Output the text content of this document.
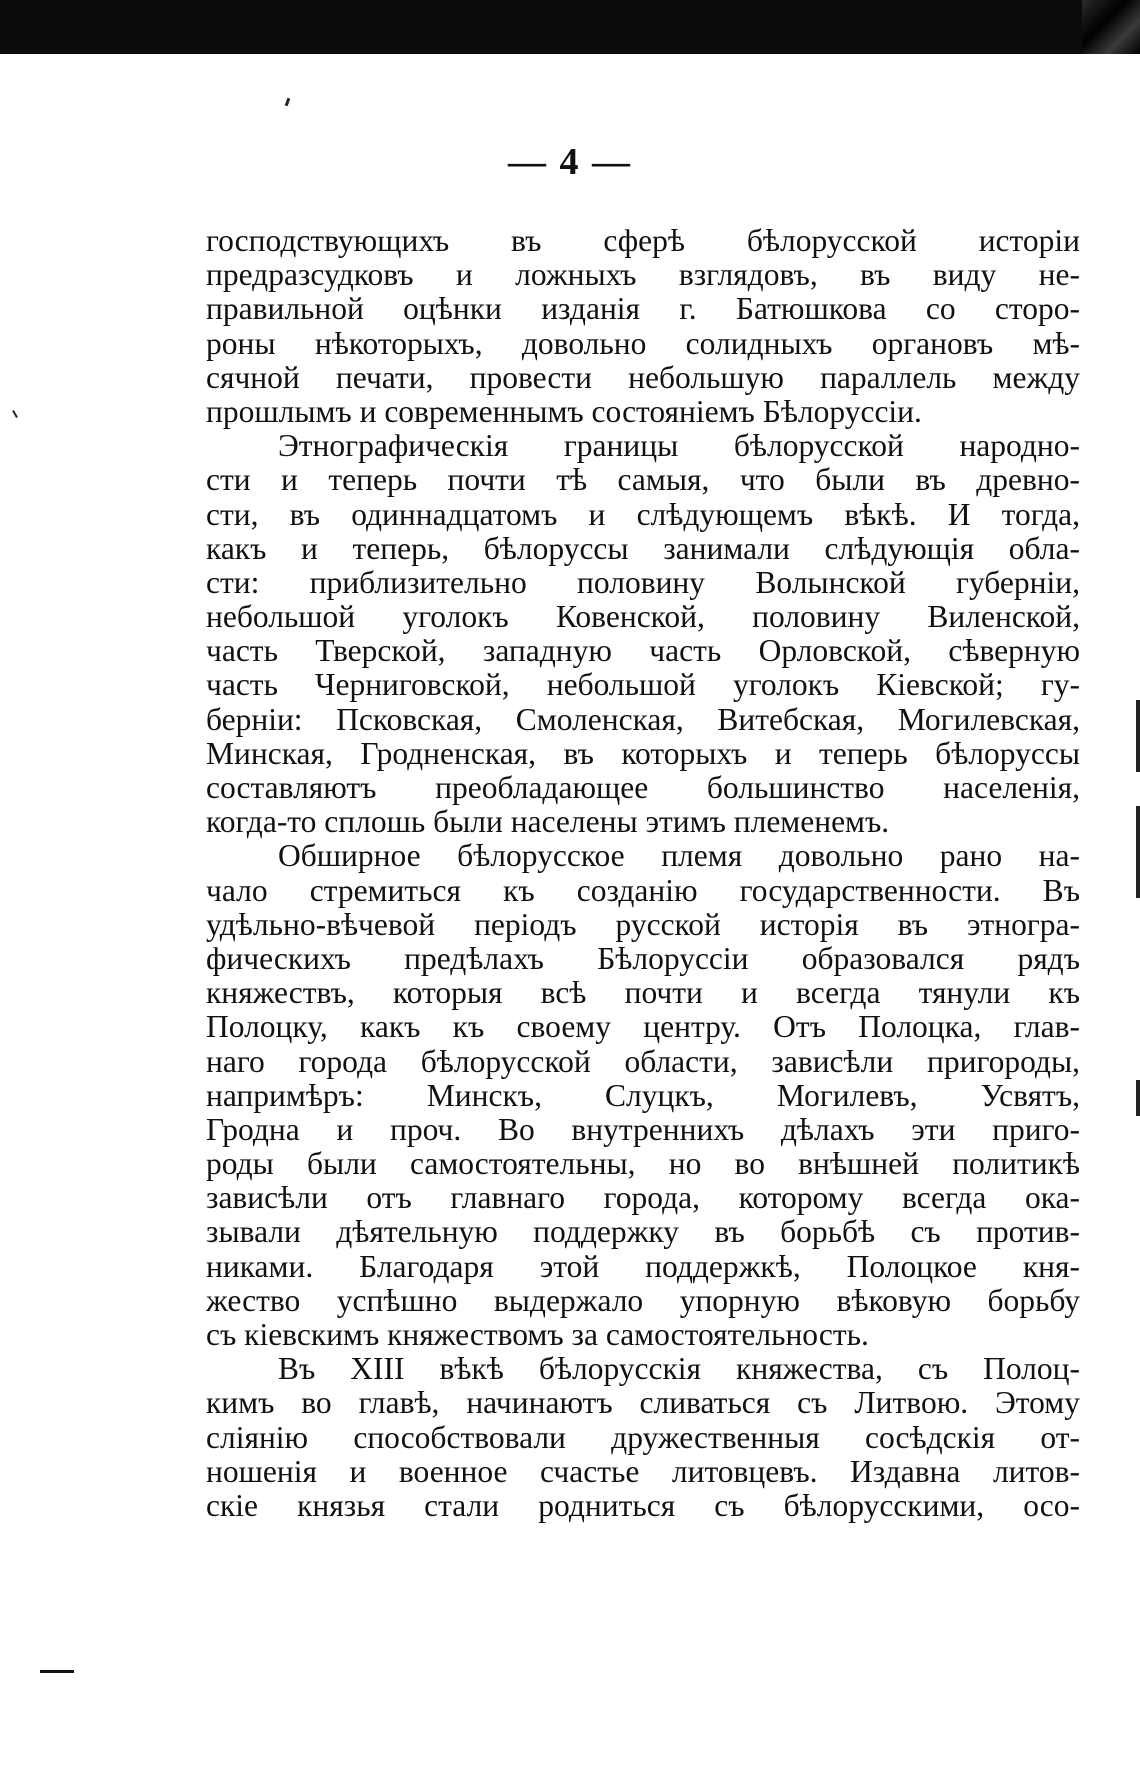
— 4 —
господствующихъ въ сферѣ бѣлорусской исторіи
предразсудковъ и ложныхъ взглядовъ, въ виду не-
правильной оцѣнки изданія г. Батюшкова со сторо-
роны нѣкоторыхъ, довольно солидныхъ органовъ мѣ-
сячной печати, провести небольшую параллель между
прошлымъ и современнымъ состояніемъ Бѣлоруссіи.
Этнографическія границы бѣлорусской народно-
сти и теперь почти тѣ самыя, что были въ древно-
сти, въ одиннадцатомъ и слѣдующемъ вѣкѣ. И тогда,
какъ и теперь, бѣлоруссы занимали слѣдующія обла-
сти: приблизительно половину Волынской губерніи,
небольшой уголокъ Ковенской, половину Виленской,
часть Тверской, западную часть Орловской, сѣверную
часть Черниговской, небольшой уголокъ Кіевской; гу-
берніи: Псковская, Смоленская, Витебская, Могилевская,
Минская, Гродненская, въ которыхъ и теперь бѣлоруссы
составляютъ преобладающее большинство населенія,
когда-то сплошь были населены этимъ племенемъ.
Обширное бѣлорусское племя довольно рано на-
чало стремиться къ созданію государственности. Въ
удѣльно-вѣчевой періодъ русской исторія въ этногра-
фическихъ предѣлахъ Бѣлоруссіи образовался рядъ
княжествъ, которыя всѣ почти и всегда тянули къ
Полоцку, какъ къ своему центру. Отъ Полоцка, глав-
наго города бѣлорусской области, зависѣли пригороды,
напримѣръ: Минскъ, Слуцкъ, Могилевъ, Усвятъ,
Гродна и проч. Во внутреннихъ дѣлахъ эти приго-
роды были самостоятельны, но во внѣшней политикѣ
зависѣли отъ главнаго города, которому всегда ока-
зывали дѣятельную поддержку въ борьбѣ съ против-
никами. Благодаря этой поддержкѣ, Полоцкое кня-
жество успѣшно выдержало упорную вѣковую борьбу
съ кіевскимъ княжествомъ за самостоятельность.
Въ XIII вѣкѣ бѣлорусскія княжества, съ Полоц-
кимъ во главѣ, начинаютъ сливаться съ Литвою. Этому
сліянію способствовали дружественныя сосѣдскія от-
ношенія и военное счастье литовцевъ. Издавна литов-
скіе князья стали родниться съ бѣлорусскими, осо-
